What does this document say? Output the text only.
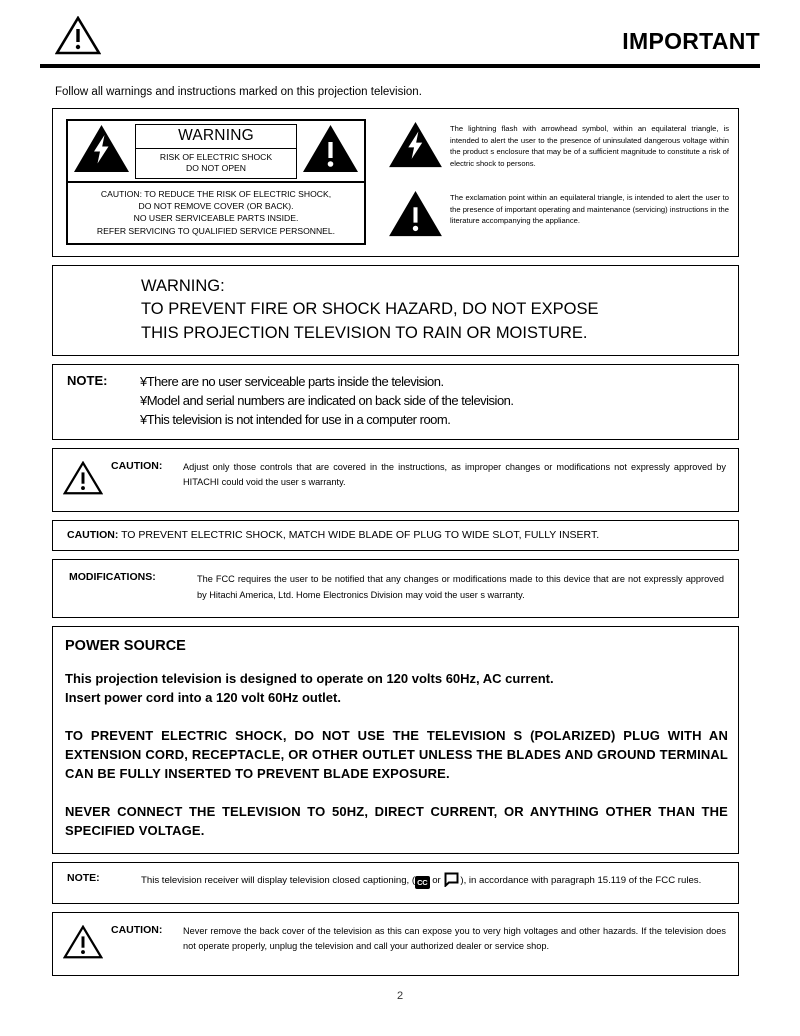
IMPORTANT
Follow all warnings and instructions marked on this projection television.
WARNING
RISK OF ELECTRIC SHOCK
DO NOT OPEN
CAUTION: TO REDUCE THE RISK OF ELECTRIC SHOCK,
DO NOT REMOVE COVER (OR BACK).
NO USER SERVICEABLE PARTS INSIDE.
REFER SERVICING TO QUALIFIED SERVICE PERSONNEL.
The lightning flash with arrowhead symbol, within an equilateral triangle, is intended to alert the user to the presence of uninsulated dangerous voltage within the product s enclosure that may be of a sufficient magnitude to constitute a risk of electric shock to persons.
The exclamation point within an equilateral triangle, is intended to alert the user to the presence of important operating and maintenance (servicing) instructions in the literature accompanying the appliance.
WARNING:
TO PREVENT FIRE OR SHOCK HAZARD, DO NOT EXPOSE
THIS PROJECTION TELEVISION TO RAIN OR MOISTURE.
NOTE:	¥There are no user serviceable parts inside the television.
¥Model and serial numbers are indicated on back side of the television.
¥This television is not intended for use in a computer room.
CAUTION:	Adjust only those controls that are covered in the instructions, as improper changes or modifications not expressly approved by HITACHI could void the user s warranty.
CAUTION: TO PREVENT ELECTRIC SHOCK, MATCH WIDE BLADE OF PLUG TO WIDE SLOT, FULLY INSERT.
MODIFICATIONS:	The FCC requires the user to be notified that any changes or modifications made to this device that are not expressly approved by Hitachi America, Ltd. Home Electronics Division may void the user s warranty.
POWER SOURCE
This projection television is designed to operate on 120 volts 60Hz, AC current.
Insert power cord into a 120 volt 60Hz outlet.
TO PREVENT ELECTRIC SHOCK, DO NOT USE THE TELEVISION S (POLARIZED) PLUG WITH AN EXTENSION CORD, RECEPTACLE, OR OTHER OUTLET UNLESS THE BLADES AND GROUND TERMINAL CAN BE FULLY INSERTED TO PREVENT BLADE EXPOSURE.
NEVER CONNECT THE TELEVISION TO 50HZ, DIRECT CURRENT, OR ANYTHING OTHER THAN THE SPECIFIED VOLTAGE.
NOTE:	This television receiver will display television closed captioning, ( CC or ), in accordance with paragraph 15.119 of the FCC rules.
CAUTION:	Never remove the back cover of the television as this can expose you to very high voltages and other hazards. If the television does not operate properly, unplug the television and call your authorized dealer or service shop.
2
